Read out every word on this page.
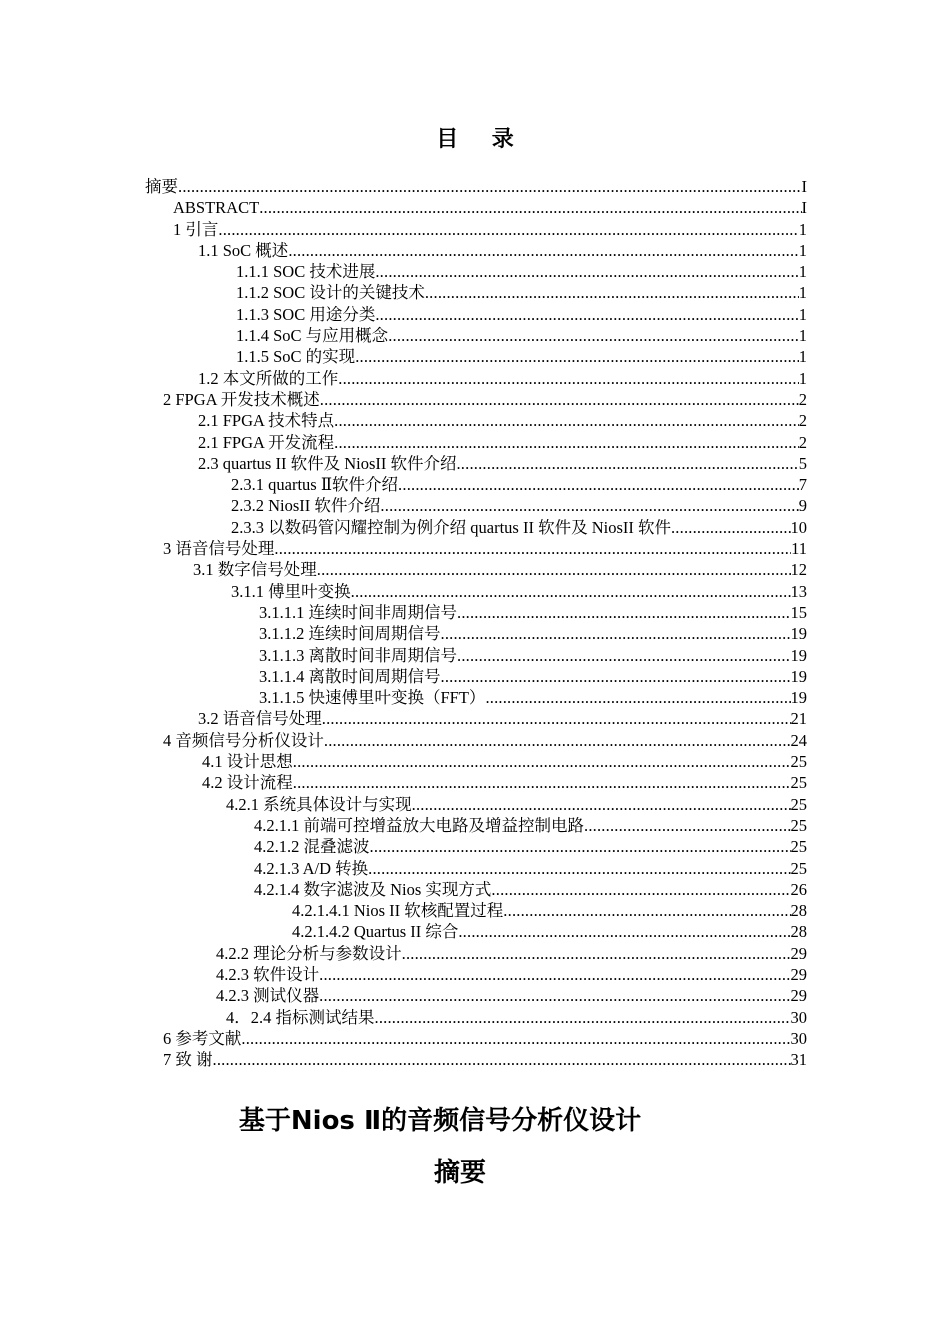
目 录
摘要 .....	I
ABSTRACT .....	I
1 引言 .....	1
1.1 SoC 概述 .....	1
1.1.1 SOC 技术进展 .....	1
1.1.2 SOC 设计的关键技术 .....	1
1.1.3 SOC 用途分类 .....	1
1.1.4 SoC 与应用概念 .....	1
1.1.5 SoC 的实现 .....	1
1.2 本文所做的工作 .....	1
2 FPGA 开发技术概述 .....	2
2.1 FPGA 技术特点 .....	2
2.1 FPGA 开发流程 .....	2
2.3 quartus II 软件及 NiosII 软件介绍 .....	5
2.3.1 quartus Ⅱ软件介绍 .....	7
2.3.2 NiosII 软件介绍 .....	9
2.3.3 以数码管闪耀控制为例介绍 quartus II 软件及 NiosII 软件 .....	10
3 语音信号处理 .....	11
3.1 数字信号处理 .....	12
3.1.1 傅里叶变换 .....	13
3.1.1.1 连续时间非周期信号 .....	15
3.1.1.2 连续时间周期信号 .....	19
3.1.1.3 离散时间非周期信号 .....	19
3.1.1.4 离散时间周期信号 .....	19
3.1.1.5 快速傅里叶变换（FFT） .....	19
3.2 语音信号处理 .....	21
4 音频信号分析仪设计 .....	24
4.1 设计思想 .....	25
4.2 设计流程 .....	25
4.2.1 系统具体设计与实现 .....	25
4.2.1.1 前端可控增益放大电路及增益控制电路 .....	25
4.2.1.2 混叠滤波 .....	25
4.2.1.3 A/D 转换 .....	25
4.2.1.4 数字滤波及 Nios 实现方式 .....	26
4.2.1.4.1 Nios II 软核配置过程 .....	28
4.2.1.4.2 Quartus II 综合 .....	28
4.2.2 理论分析与参数设计 .....	29
4.2.3 软件设计 .....	29
4.2.3 测试仪器 .....	29
4．2.4 指标测试结果 .....	30
6 参考文献 .....	30
7 致 谢 .....	31
基于Nios Ⅱ的音频信号分析仪设计
摘要
